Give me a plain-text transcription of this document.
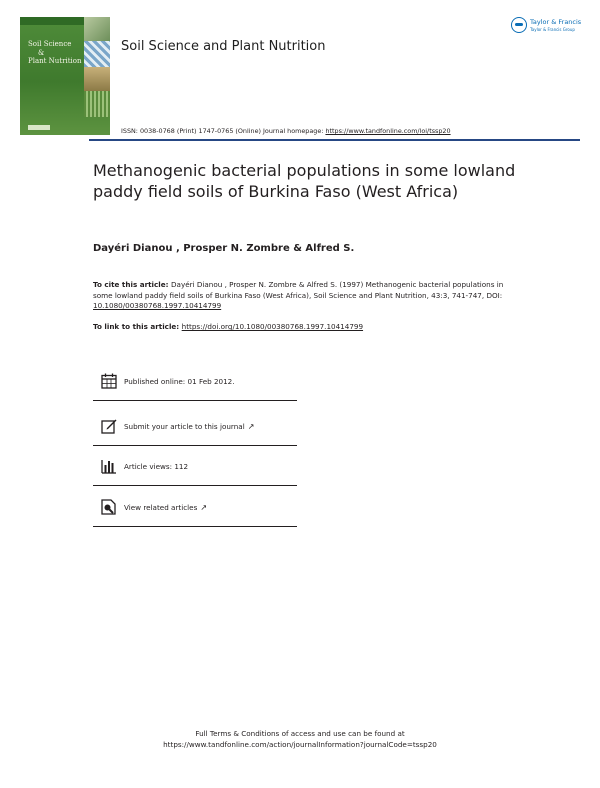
Soil Science
&
Plant Nutrition
Soil Science and Plant Nutrition
Taylor & Francis
Taylor & Francis Group
ISSN: 0038-0768 (Print) 1747-0765 (Online) Journal homepage: https://www.tandfonline.com/loi/tssp20
Methanogenic bacterial populations in some lowland paddy field soils of Burkina Faso (West Africa)
Dayéri Dianou , Prosper N. Zombre & Alfred S.
To cite this article: Dayéri Dianou , Prosper N. Zombre & Alfred S. (1997) Methanogenic bacterial populations in some lowland paddy field soils of Burkina Faso (West Africa), Soil Science and Plant Nutrition, 43:3, 741-747, DOI: 10.1080/00380768.1997.10414799
To link to this article: https://doi.org/10.1080/00380768.1997.10414799
Published online: 01 Feb 2012.
Submit your article to this journal ↗
Article views: 112
View related articles ↗
Full Terms & Conditions of access and use can be found at
https://www.tandfonline.com/action/journalInformation?journalCode=tssp20
